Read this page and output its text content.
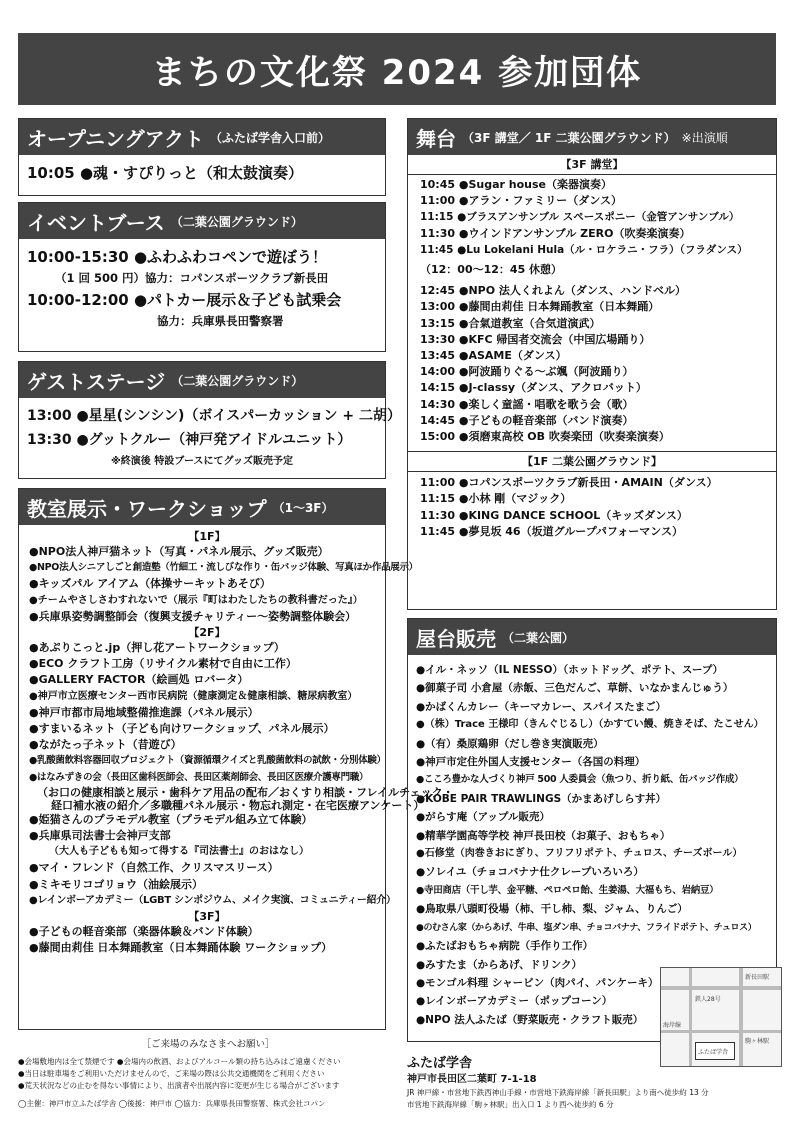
まちの文化祭 2024 参加団体
オープニングアクト （ふたば学舎入口前）
10:05 ●魂・すぴりっと（和太鼓演奏）
イベントブース （二葉公園グラウンド）
10:00-15:30 ●ふわふわコペンで遊ぼう！
（1 回 500 円）協力：コパンスポーツクラブ新長田
10:00-12:00 ●パトカー展示＆子ども試乗会
協力：兵庫県長田警察署
ゲストステージ （二葉公園グラウンド）
13:00 ●星星(シンシン)（ボイスパーカッション + 二胡）
13:30 ●グットクルー（神戸発アイドルユニット）
※終演後 特設ブースにてグッズ販売予定
教室展示・ワークショップ （1～3F）
【1F】
●NPO法人神戸猫ネット（写真・パネル展示、グッズ販売）
●NPO法人シニアしごと創造塾（竹細工・流しびな作り・缶バッジ体験、写真ほか作品展示）
●キッズパル アイアム（体操サーキットあそび）
●チームやさしさわすれないで（展示『町はわたしたちの教科書だった』）
●兵庫県姿勢調整師会（復興支援チャリティー～姿勢調整体験会）
【2F】
●あぷりこっと.jp（押し花アートワークショップ）
●ECO クラフト工房（リサイクル素材で自由に工作）
●GALLERY FACTOR（絵画処 ロバータ）
●神戸市立医療センター西市民病院（健康測定＆健康相談、糖尿病教室）
●神戸市都市局地域整備推進課（パネル展示）
●すまいるネット（子ども向けワークショップ、パネル展示）
●ながたっ子ネット（昔遊び）
●乳酸菌飲料容器回収プロジェクト（資源循環クイズと乳酸菌飲料の試飲・分別体験）
●はなみずきの会（長田区歯科医師会、長田区薬剤師会、長田区医療介護専門職）
（お口の健康相談と展示・歯科ケア用品の配布／おくすり相談・フレイルチェック・
経口補水液の紹介／多職種パネル展示・物忘れ測定・在宅医療アンケート）
●姫猫さんのプラモデル教室（プラモデル組み立て体験）
●兵庫県司法書士会神戸支部
（大人も子どもも知って得する『司法書士』のおはなし）
●マイ・フレンド（自然工作、クリスマスリース）
●ミキモリコゴリョウ（油絵展示）
●レインボーアカデミー（LGBT シンポジウム、メイク実演、コミュニティー紹介）
【3F】
●子どもの軽音楽部（楽器体験＆バンド体験）
●藤間由莉佳 日本舞踊教室（日本舞踊体験 ワークショップ）
舞台 （3F 講堂／ 1F 二葉公園グラウンド） ※出演順
【3F 講堂】
10:45 ●Sugar house（楽器演奏）
11:00 ●アラン・ファミリー（ダンス）
11:15 ●ブラスアンサンブル スペースポニー（金管アンサンブル）
11:30 ●ウインドアンサンブル ZERO（吹奏楽演奏）
11:45 ●Lu Lokelani Hula（ル・ロケラニ・フラ）（フラダンス）
（12：00～12：45 休憩）
12:45 ●NPO 法人くれよん（ダンス、ハンドベル）
13:00 ●藤間由莉佳 日本舞踊教室（日本舞踊）
13:15 ●合氣道教室（合気道演武）
13:30 ●KFC 帰国者交流会（中国広場踊り）
13:45 ●ASAME（ダンス）
14:00 ●阿波踊りぐる～ぶ颯（阿波踊り）
14:15 ●J-classy（ダンス、アクロバット）
14:30 ●楽しく童謡・唱歌を歌う会（歌）
14:45 ●子どもの軽音楽部（バンド演奏）
15:00 ●須磨東高校 OB 吹奏楽団（吹奏楽演奏）
【1F 二葉公園グラウンド】
11:00 ●コパンスポーツクラブ新長田・AMAIN（ダンス）
11:15 ●小林 剛（マジック）
11:30 ●KING DANCE SCHOOL（キッズダンス）
11:45 ●夢見坂 46（坂道グループパフォーマンス）
屋台販売 （二葉公園）
●イル・ネッソ（IL NESSO）（ホットドッグ、ポテト、スープ）
●御菓子司 小倉屋（赤飯、三色だんご、草餅、いなかまんじゅう）
●かばくんカレー（キーマカレー、スパイスたまご）
●（株）Trace 王様印（きんぐじるし）（かすてい饅、焼きそば、たこせん）
●（有）桑原鶏卵（だし巻き実演販売）
●神戸市定住外国人支援センター（各国の料理）
●こころ豊かな人づくり神戸 500 人委員会（魚つり、折り紙、缶バッジ作成）
●KOBE PAIR TRAWLINGS（かまあげしらす丼）
●がらす庵（アップル販売）
●精華学園高等学校 神戸長田校（お菓子、おもちゃ）
●石修堂（肉巻きおにぎり、フリフリポテト、チュロス、チーズボール）
●ソレイユ（チョコバナナ仕クレープいろいろ）
●寺田商店（干し芋、金平糖、ペロペロ飴、生姜湯、大福もち、岩納豆）
●鳥取県八頭町役場（柿、干し柿、梨、ジャム、りんご）
●のむさん家（からあげ、牛串、塩ダン串、チョコバナナ、フライドポテト、チュロス）
●ふたばおもちゃ病院（手作り工作）
●みすたま（からあげ、ドリンク）
●モンゴル料理 シャービン（肉パイ、パンケーキ）
●レインボーアカデミー（ポップコーン）
●NPO 法人ふたば（野菜販売・クラフト販売）
新長田駅
鉄人28号
ふたば学舎
駒ヶ林駅
海岸線
［ご来場のみなさまへお願い］
●会場敷地内は全て禁煙です ●会場内の飲酒、およびアルコール類の持ち込みはご遠慮ください
●当日は駐車場をご利用いただけませんので、ご来場の際は公共交通機関をご利用ください
●荒天状況などの止むを得ない事情により、出演者や出展内容に変更が生じる場合がございます
◯主催：神戸市立ふたば学舎 ◯後援：神戸市 ◯協力：兵庫県長田警察署、株式会社コパン
ふたば学舎
神戸市長田区二葉町 7-1-18
JR 神戸線・市営地下鉄西神山手線・市営地下鉄海岸線「新長田駅」より南へ徒歩約 13 分
市営地下鉄海岸線「駒ヶ林駅」出入口 1 より西へ徒歩約 6 分
